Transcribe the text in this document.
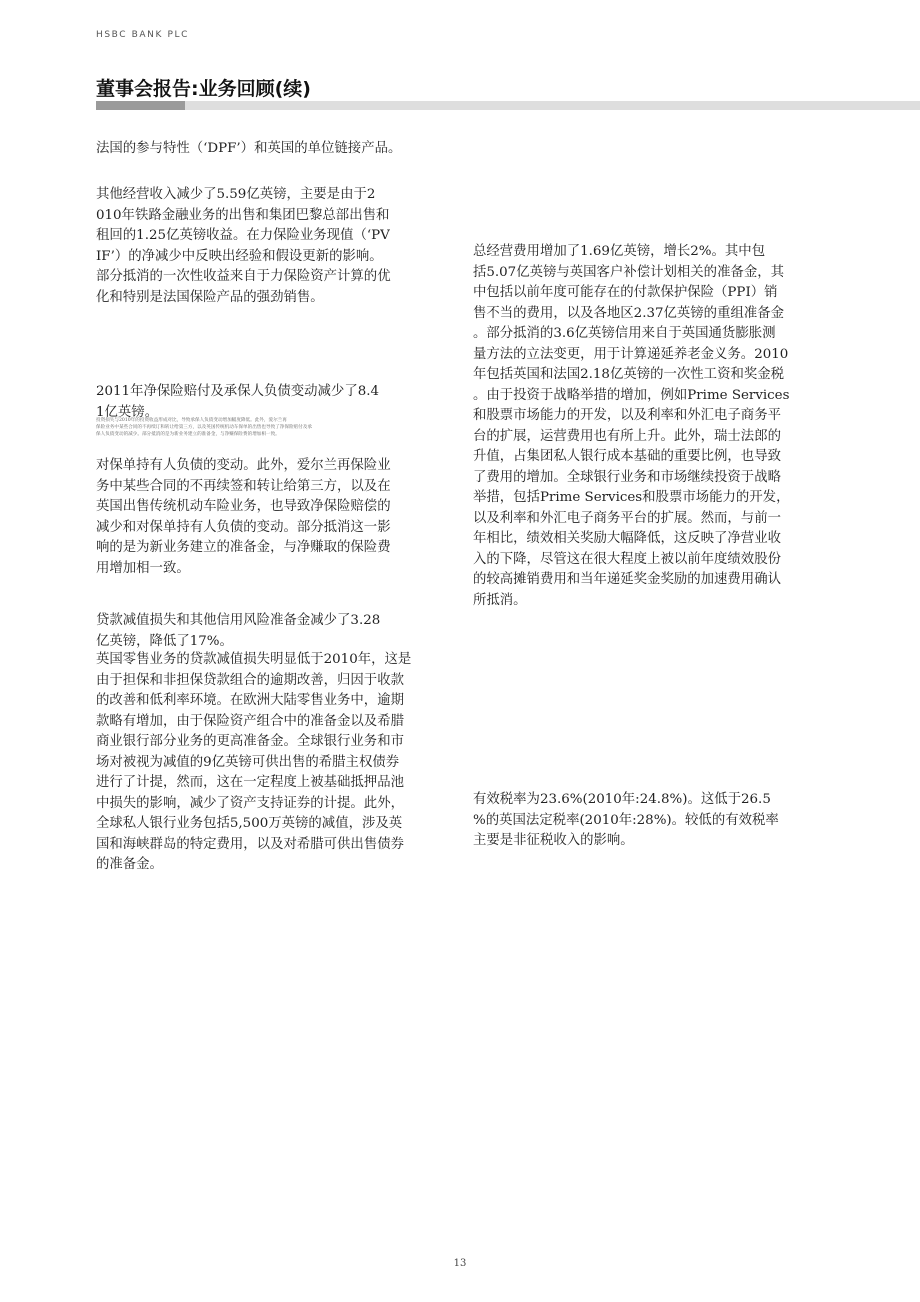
HSBC BANK PLC
董事会报告:业务回顾(续)

法国的参与特性（‘DPF’）和英国的单位链接产品。

其他经营收入减少了5.59亿英镑，主要是由于2
010年铁路金融业务的出售和集团巴黎总部出售和
租回的1.25亿英镑收益。在力保险业务现值（‘PV
IF’）的净减少中反映出经验和假设更新的影响。
部分抵消的一次性收益来自于力保险资产计算的优
化和特别是法国保险产品的强劲销售。

2011年净保险赔付及承保人负债变动减少了8.4
1亿英镑。

投资损失与2010年的投资收益形成对比，导致承保人负债变动增加幅度降低。此外，爱尔兰再
保险业务中某些合同的不再续订和转让给第三方，以及英国传统机动车保单的出售也导致了净保险赔付及承
保人负债变动的减少。部分抵消的是为新业务建立的准备金，与净赚保险费的增加相一致。

对保单持有人负债的变动。此外，爱尔兰再保险业
务中某些合同的不再续签和转让给第三方，以及在
英国出售传统机动车险业务，也导致净保险赔偿的
减少和对保单持有人负债的变动。部分抵消这一影
响的是为新业务建立的准备金，与净赚取的保险费
用增加相一致。

贷款减值损失和其他信用风险准备金减少了3.28
亿英镑，降低了17%。

英国零售业务的贷款减值损失明显低于2010年，这是
由于担保和非担保贷款组合的逾期改善，归因于收款
的改善和低利率环境。在欧洲大陆零售业务中，逾期
款略有增加，由于保险资产组合中的准备金以及希腊
商业银行部分业务的更高准备金。全球银行业务和市
场对被视为减值的9亿英镑可供出售的希腊主权债券
进行了计提，然而，这在一定程度上被基础抵押品池
中损失的影响，减少了资产支持证券的计提。此外，
全球私人银行业务包括5,500万英镑的减值，涉及英
国和海峡群岛的特定费用，以及对希腊可供出售债券
的准备金。

总经营费用增加了1.69亿英镑，增长2%。其中包
括5.07亿英镑与英国客户补偿计划相关的准备金，其
中包括以前年度可能存在的付款保护保险（PPI）销
售不当的费用，以及各地区2.37亿英镑的重组准备金
。部分抵消的3.6亿英镑信用来自于英国通货膨胀测
量方法的立法变更，用于计算递延养老金义务。2010
年包括英国和法国2.18亿英镑的一次性工资和奖金税
。由于投资于战略举措的增加，例如Prime Services
和股票市场能力的开发，以及利率和外汇电子商务平
台的扩展，运营费用也有所上升。此外，瑞士法郎的
升值，占集团私人银行成本基础的重要比例，也导致
了费用的增加。全球银行业务和市场继续投资于战略
举措，包括Prime Services和股票市场能力的开发，
以及利率和外汇电子商务平台的扩展。然而，与前一
年相比，绩效相关奖励大幅降低，这反映了净营业收
入的下降，尽管这在很大程度上被以前年度绩效股份
的较高摊销费用和当年递延奖金奖励的加速费用确认
所抵消。

有效税率为23.6%(2010年:24.8%)。这低于26.5
%的英国法定税率(2010年:28%)。较低的有效税率
主要是非征税收入的影响。

13
